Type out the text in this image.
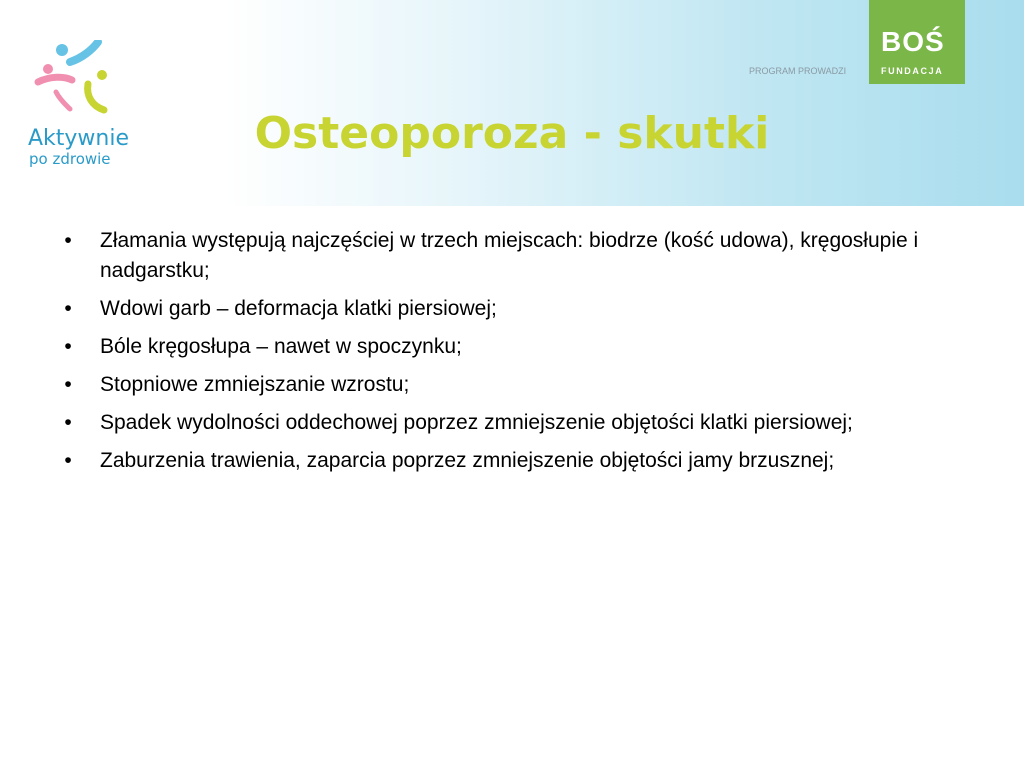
Aktywnie
po zdrowie
PROGRAM PROWADZI
BOŚ
FUNDACJA
Osteoporoza - skutki
•	Złamania występują najczęściej w trzech miejscach: biodrze (kość udowa), kręgosłupie i nadgarstku;
•	Wdowi garb – deformacja klatki piersiowej;
•	Bóle kręgosłupa – nawet w spoczynku;
•	Stopniowe zmniejszanie wzrostu;
•	Spadek wydolności oddechowej poprzez zmniejszenie objętości klatki piersiowej;
•	Zaburzenia trawienia, zaparcia poprzez zmniejszenie objętości jamy brzusznej;
